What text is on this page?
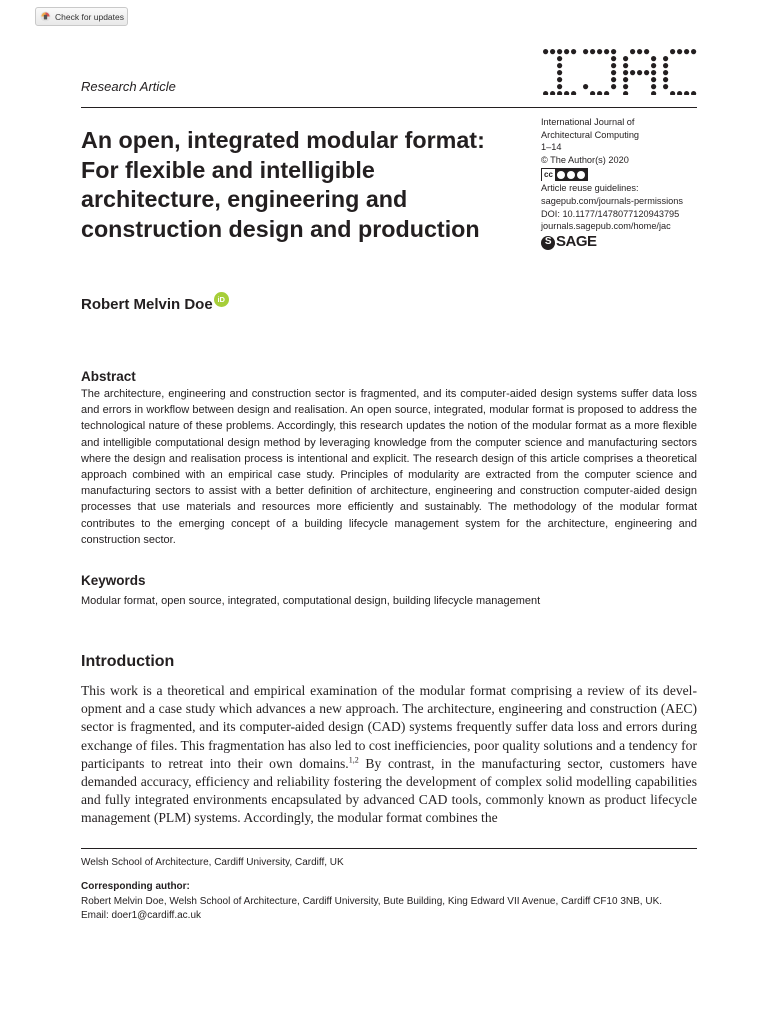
Check for updates
Research Article
An open, integrated modular format: For flexible and intelligible architecture, engineering and construction design and production
International Journal of
Architectural Computing
1–14
© The Author(s) 2020
cc
Article reuse guidelines:
sagepub.com/journals-permissions
DOI: 10.1177/1478077120943795
journals.sagepub.com/home/jac
S SAGE
Robert Melvin Doe iD
Abstract

The architecture, engineering and construction sector is fragmented, and its computer-aided design systems suffer data loss and errors in workflow between design and realisation. An open source, integrated, modular format is proposed to address the technological nature of these problems. Accordingly, this research updates the notion of the modular format as a more flexible and intelligible computational design method by leveraging knowledge from the computer science and manufacturing sectors where the design and realisation process is intentional and explicit. The research design of this article comprises a theoretical approach combined with an empirical case study. Principles of modularity are extracted from the computer science and manufacturing sectors to assist with a better definition of architecture, engineering and construction computer-aided design processes that use materials and resources more efficiently and sustainably. The methodology of the modular format contributes to the emerging concept of a building lifecycle management system for the architecture, engineering and construction sector.

Keywords

Modular format, open source, integrated, computational design, building lifecycle management

Introduction

This work is a theoretical and empirical examination of the modular format comprising a review of its development and a case study which advances a new approach. The architecture, engineering and construction (AEC) sector is fragmented, and its computer-aided design (CAD) systems frequently suffer data loss and errors during exchange of files. This fragmentation has also led to cost inefficiencies, poor quality solutions and a tendency for participants to retreat into their own domains.$^{1,2}$ By contrast, in the manufacturing sector, customers have demanded accuracy, efficiency and reliability fostering the development of complex solid modelling capabilities and fully integrated environments encapsulated by advanced CAD tools, commonly known as product lifecycle management (PLM) systems. Accordingly, the modular format combines the

Welsh School of Architecture, Cardiff University, Cardiff, UK
Corresponding author:
Robert Melvin Doe, Welsh School of Architecture, Cardiff University, Bute Building, King Edward VII Avenue, Cardiff CF10 3NB, UK.
Email: doer1@cardiff.ac.uk
